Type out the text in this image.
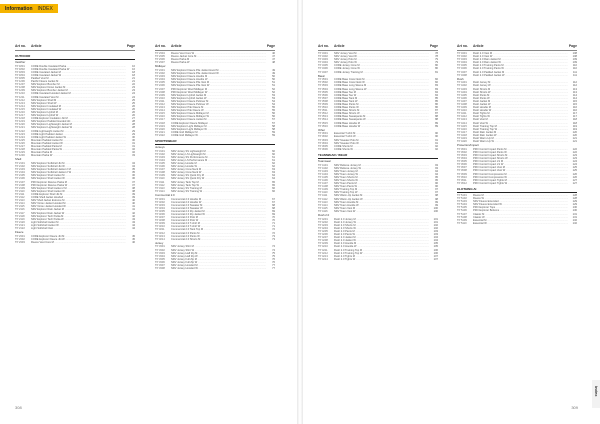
Information	INDEX
Art no. Article	Page	Art no. Article	Page	Art no. Article	Page	Art no. Article	Page
OUTDOOR
Vestifrer
TP 1801	CORE Double Insulated Parka .....	16
TP 1802	CORE Double Insulated Parka W .....	16
TP 1803	CORE Insulated Jacket M .....	18
TP 1804	CORE Insulated Jacket W .....	18
TP 1805	Padded Vest M .....	21
TP 1206	Pacific Fleece Jacket M .....	21
TP 1207	NRV Explorer Bomber M .....	22
TP 1208	NRV Explorer Down Jacket M .....	23
TP 1209	NRV Explorer Bomber Jacket M .....	23
TP 1210	CORE Insulated Hooded Jacket M .....	24
TP 1211	CORE Insulated Vest M .....	24
TP 1212	NRV Explorer Shell M .....	25
TP 1213	NRV Explorer Shell W .....	25
TP 1214	NRV Explorer Insulated M .....	26
TP 1215	NRV Explorer Insulated W .....	26
TP 1216	NRV Explorer Hybrid M .....	26
TP 1217	NRV Explorer Hybrid W .....	26
TP 1218	CORE Explorer Insulation Jkt M .....	27
TP 1219	NRV Explorer Padded Hooded Jkt .....	28
TP 1220	NRV Explorer Lightweight Jacket M .....	28
TP 1221	NRV Explorer Lightweight Jacket W .....	28
TP 1222	CORE Lightweight Jacket M .....	29
TP 1223	CORE Light Padded Jacket .....	29
TP 1224	CORE Light Padded Jacket W .....	30
TP 1225	Mountain Padded Jacket M .....	30
TP 1226	Mountain Padded Jacket W .....	31
TP 1227	Mountain Padded Parka M .....	31
TP 1228	Mountain Padded Parka W .....	32
TP 1229	Mountain Parka M .....	32
TP 1230	Mountain Parka W .....	33
Shell
TP 2101	NRV Explorer Softshell Jkt M .....	34
TP 2102	NRV Explorer Softshell Jkt W .....	34
TP 2103	NRV Explorer Softshell Jacket 2 M .....	35
TP 2104	NRV Explorer Softshell Jacket 2 W .....	35
TP 2105	NRV Explorer Shell Jacket M .....	36
TP 2106	NRV Explorer Shell Jacket W .....	36
TP 2107	PRO Explorer Rescue Parka M .....	37
TP 2108	PRO Explorer Rescue Parka W .....	37
TP 2109	NRV Explorer Shell Jacket 2 M .....	38
TP 2110	NRV Explorer Shell Jacket W .....	38
TP 2111	CORE Explorer Shell Jkt M .....	39
TP 2112	CORE Shell Jacket Hooded .....	39
TP 2113	NRV Shell Jacket Extreme M .....	40
TP 2114	NRV Vortex Jacket Hooded M .....	40
TP 2115	NRV Vortex Jacket Hooded W .....	41
TP 2116	NRV Explorer Rain Jacket M .....	41
TP 2117	NRV Explorer Rain Jacket W .....	42
TP 2118	NRV Explorer Tech Parka M .....	42
TP 2119	NRV Explorer Tech Parka W .....	43
TP 2120	Light Softshell Jacket M .....	43
TP 2121	Light Softshell Jacket W .....	44
TP 2122	Light Softshell Vest .....	44
Fleece
TP 2301	CORE Explorer Fleece Jkt M .....	45
TP 2302	CORE Explorer Fleece Jkt W .....	45
TP 2303	Fleece Vest Core M .....	46
TP 2304	Fleece Vest Core W .....	46
TP 2305	Fleece Jacket Core M .....	47
TP 2306	Fleece Parka M .....	47
TP 2307	Fleece Parka W .....	48
Midlayer
TP 2401	NRV Explorer Fleece Pile Jacket Hood M .....	49
TP 2402	NRV Explorer Fleece Pile Jacket Hood W .....	49
TP 2403	NRV Explorer Fleece Hoodie M .....	50
TP 2404	NRV Explorer Fleece Hoodie W .....	50
TP 2405	NRV Explorer Fleece Pile Vest M .....	51
TP 2406	NRV Explorer Fleece Pile Vest W .....	51
TP 2407	PRO Explorer Wool Midlayer M .....	52
TP 2408	PRO Explorer Wool Midlayer W .....	52
TP 2409	NRV Explorer Hybrid Jacket M .....	53
TP 2410	NRV Explorer Hybrid Jacket W .....	53
TP 2411	NRV Explorer Fleece Pullover M .....	54
TP 2412	NRV Explorer Fleece Pullover W .....	54
TP 2413	NRV Explorer Pile Fleece M .....	55
TP 2414	NRV Explorer Pile Fleece W .....	55
TP 2415	NRV Explorer Fleece Midlayer M .....	56
TP 2416	NRV Explorer Fleece Midlayer W .....	56
TP 2417	NRV Explorer Fleece Jacket M .....	57
TP 2418	CORE Explorer Fleece Midlayer .....	57
TP 2419	NRV Explorer Light Midlayer M .....	58
TP 2420	NRV Explorer Light Midlayer W .....	58
TP 2421	CORE Grid Midlayer M .....	59
TP 2422	CORE Grid Midlayer W .....	59
SPORTSWEAR
Jerseys
TP 3101	NRV Jersey SS Lightweight M .....	60
TP 3102	NRV Jersey LS Lightweight M .....	60
TP 3103	NRV Jersey SS Performance M .....	61
TP 3104	NRV Jersey LS Performance M .....	61
TP 3105	NRV Jersey Hoodie M .....	62
TP 3106	NRV Jersey Hoodie W .....	62
TP 3107	NRV Jersey Crew Neck M .....	63
TP 3108	NRV Jersey Crew Neck W .....	63
TP 3109	NRV Jersey SS Quick Dry M .....	64
TP 3110	NRV Jersey SS Quick Dry W .....	64
TP 3111	NRV Jersey Tank Top M .....	65
TP 3112	NRV Jersey Tank Top W .....	65
TP 3113	NRV Jersey SS Training M .....	66
TP 3114	NRV Jersey SS Training W .....	66
Commercial 2.0
TP 3201	Commercial 2.0 Hoodie M .....	67
TP 3202	Commercial 2.0 Hoodie W .....	67
TP 3203	Commercial 2.0 Sweater M .....	68
TP 3204	Commercial 2.0 Sweater W .....	68
TP 3205	Commercial 2.0 Zip Jacket M .....	69
TP 3206	Commercial 2.0 Zip Jacket W .....	69
TP 3207	Commercial 2.0 Polo M .....	70
TP 3208	Commercial 2.0 Polo W .....	70
TP 3209	Commercial 2.0 T-shirt M .....	71
TP 3210	Commercial 2.0 T-shirt W .....	71
TP 3211	Commercial 2.0 Tank Top M .....	72
TP 3212	Commercial 2.0 Pants M .....	72
TP 3213	Commercial 2.0 Pants W .....	73
TP 3214	Commercial 2.0 Shorts M .....	73
Jersey
TP 3301	NRV Jersey Shirt M .....	74
TP 3302	NRV Jersey Shirt W .....	74
TP 3303	NRV Jersey Half Zip M .....	75
TP 3304	NRV Jersey Half Zip W .....	75
TP 3305	NRV Jersey Full Zip M .....	76
TP 3306	NRV Jersey Full Zip W .....	76
TP 3307	NRV Jersey Hooded M .....	77
TP 3308	NRV Jersey Hooded W .....	77
TP 3401	NRV Jersey Vest M .....	78
TP 3402	NRV Jersey Vest W .....	78
TP 3403	NRV Jersey Polo M .....	79
TP 3404	NRV Jersey Polo W .....	79
TP 3405	CORE Jersey Crew M .....	80
TP 3406	CORE Jersey Crew W .....	80
TP 3407	CORE Jersey Training M .....	81
Basic
TP 3501	CORE Base Crew Neck M .....	82
TP 3502	CORE Base Crew Neck W .....	82
TP 3503	CORE Base Long Sleeve M .....	83
TP 3504	CORE Base Long Sleeve W .....	83
TP 3505	CORE Base Tee M .....	84
TP 3506	CORE Base Tee W .....	84
TP 3507	CORE Base Tank M .....	85
TP 3508	CORE Base Tank W .....	85
TP 3509	CORE Base Pants M .....	86
TP 3510	CORE Base Pants W .....	86
TP 3511	CORE Base Shorts M .....	87
TP 3512	CORE Base Shorts W .....	87
TP 3513	CORE Base Sweatpants M .....	88
TP 3514	CORE Base Sweatpants W .....	88
TP 3515	CORE Base Hoodie M .....	89
TP 3516	CORE Base Hoodie W .....	89
Other
TP 3601	Essential T-shirt M .....	90
TP 3602	Essential T-shirt W .....	90
TP 3603	NRV Sweater Polo M .....	91
TP 3604	NRV Sweater Polo W .....	91
TP 3605	CORE Shorts M .....	92
TP 3606	CORE Shorts W .....	92
TEAMWEAR / WEAR
Teamwear
TP 4101	NRV Referee Jersey M .....	93
TP 4102	NRV Referee Jersey W .....	93
TP 4103	NRV Team Jersey M .....	94
TP 4104	NRV Team Jersey W .....	94
TP 4105	NRV Team Shorts M .....	95
TP 4106	NRV Team Shorts W .....	95
TP 4107	NRV Team Pants M .....	96
TP 4108	NRV Team Pants W .....	96
TP 4109	NRV Training Top M .....	97
TP 4110	NRV Training Top W .....	97
TP 4111	NRV Warm-Up Jacket M .....	98
TP 4112	NRV Warm-Up Jacket W .....	98
TP 4113	NRV Team Hoodie M .....	99
TP 4114	NRV Team Hoodie W .....	99
TP 4115	NRV Team Vest M .....	100
TP 4116	NRV Team Vest W .....	100
Rush 2.0
TP 4201	Rush 2.0 Jersey M .....	101
TP 4202	Rush 2.0 Jersey W .....	101
TP 4203	Rush 2.0 Shorts M .....	102
TP 4204	Rush 2.0 Shorts W .....	102
TP 4205	Rush 2.0 Pants M .....	103
TP 4206	Rush 2.0 Pants W .....	103
TP 4207	Rush 2.0 Jacket M .....	104
TP 4208	Rush 2.0 Jacket W .....	104
TP 4209	Rush 2.0 Hoodie M .....	105
TP 4210	Rush 2.0 Hoodie W .....	105
TP 4211	Rush 2.0 Training Top M .....	106
TP 4212	Rush 2.0 Training Top W .....	106
TP 4213	Rush 2.0 Tights M .....	107
TP 4214	Rush 2.0 Tights W .....	107
TP 4301	Rush 2.0 Vest M .....	108
TP 4302	Rush 2.0 Vest W .....	108
TP 4303	Rush 2.0 Rain Jacket M .....	109
TP 4304	Rush 2.0 Rain Jacket W .....	109
TP 4305	Rush 2.0 Training Pants M .....	110
TP 4306	Rush 2.0 Training Pants W .....	110
TP 4307	Rush 2.0 Padded Jacket M .....	111
TP 4308	Rush 2.0 Padded Jacket W .....	111
Rush
TP 4401	Rush Jersey M .....	112
TP 4402	Rush Jersey W .....	112
TP 4403	Rush Shorts M .....	113
TP 4404	Rush Shorts W .....	113
TP 4405	Rush Pants M .....	114
TP 4406	Rush Pants W .....	114
TP 4407	Rush Jacket M .....	115
TP 4408	Rush Jacket W .....	115
TP 4409	Rush Hoodie M .....	116
TP 4410	Rush Hoodie W .....	116
TP 4411	Rush Tights M .....	117
TP 4412	Rush Tights W .....	117
TP 4413	Rush Vest M .....	118
TP 4414	Rush Vest W .....	118
TP 4415	Rush Training Top M .....	119
TP 4416	Rush Training Top W .....	119
TP 4417	Rush Rain Jacket M .....	120
TP 4418	Rush Rain Jacket W .....	120
TP 4419	Rush Warm-Up M .....	121
TP 4420	Rush Warm-Up W .....	121
Protection/Impact
TP 4501	PRO Control Impact Pants M .....	122
TP 4502	PRO Control Impact Pants W .....	122
TP 4503	PRO Control Impact Shorts M .....	123
TP 4504	PRO Control Impact Shorts W .....	123
TP 4505	PRO Control Impact LS M .....	124
TP 4506	PRO Control Impact LS W .....	124
TP 4507	PRO Control Impact Vest M .....	125
TP 4508	PRO Control Impact Vest W .....	125
TP 4509	PRO Control Compression M .....	126
TP 4510	PRO Control Compression W .....	126
TP 4511	PRO Control Impact Tights M .....	127
TP 4512	PRO Control Impact Tights W .....	127
CLOTHING AI
TP 5101	Fleece M .....	128
TP 5102	Fleece W .....	128
TP 5103	NRV Fleece Extended .....	129
TP 5104	NRV Fleece Extended W .....	129
TP 5105	PRO Explorer Tops .....	130
TP 5106	PRO Explorer Bottoms .....	130
TP 5107	Classic M .....	131
TP 5108	Classic W .....	131
TP 5109	Essential M .....	132
TP 5110	Essential W .....	132
308	309
Index
